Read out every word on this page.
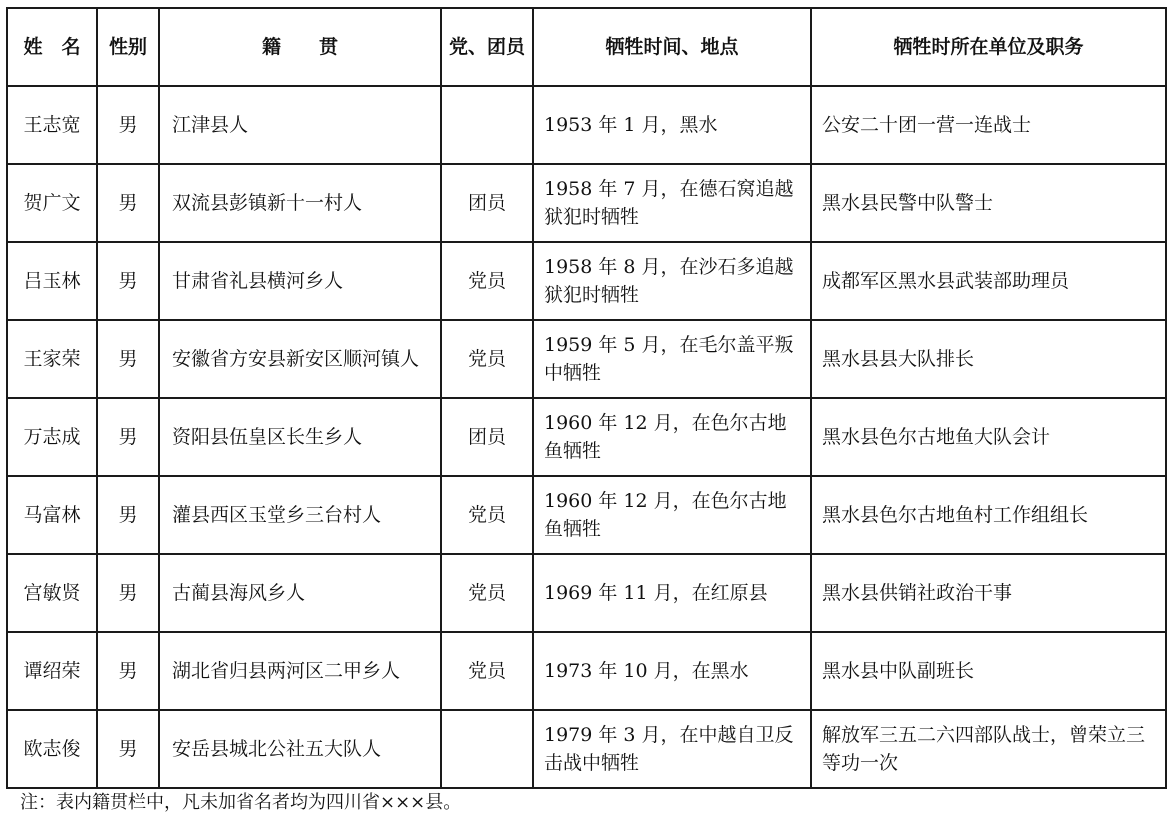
姓　名	性别	籍　　贯	党、团员	牺牲时间、地点	牺牲时所在单位及职务
王志宽	男	江津县人		1953 年 1 月，黑水	公安二十团一营一连战士
贺广文	男	双流县彭镇新十一村人	团员	1958 年 7 月，在德石窝追越狱犯时牺牲	黑水县民警中队警士
吕玉林	男	甘肃省礼县横河乡人	党员	1958 年 8 月，在沙石多追越狱犯时牺牲	成都军区黑水县武装部助理员
王家荣	男	安徽省方安县新安区顺河镇人	党员	1959 年 5 月，在毛尔盖平叛中牺牲	黑水县县大队排长
万志成	男	资阳县伍皇区长生乡人	团员	1960 年 12 月，在色尔古地鱼牺牲	黑水县色尔古地鱼大队会计
马富林	男	灌县西区玉堂乡三台村人	党员	1960 年 12 月，在色尔古地鱼牺牲	黑水县色尔古地鱼村工作组组长
宫敏贤	男	古蔺县海风乡人	党员	1969 年 11 月，在红原县	黑水县供销社政治干事
谭绍荣	男	湖北省归县两河区二甲乡人	党员	1973 年 10 月，在黑水	黑水县中队副班长
欧志俊	男	安岳县城北公社五大队人		1979 年 3 月，在中越自卫反击战中牺牲	解放军三五二六四部队战士，曾荣立三等功一次
注：表内籍贯栏中，凡未加省名者均为四川省×××县。
